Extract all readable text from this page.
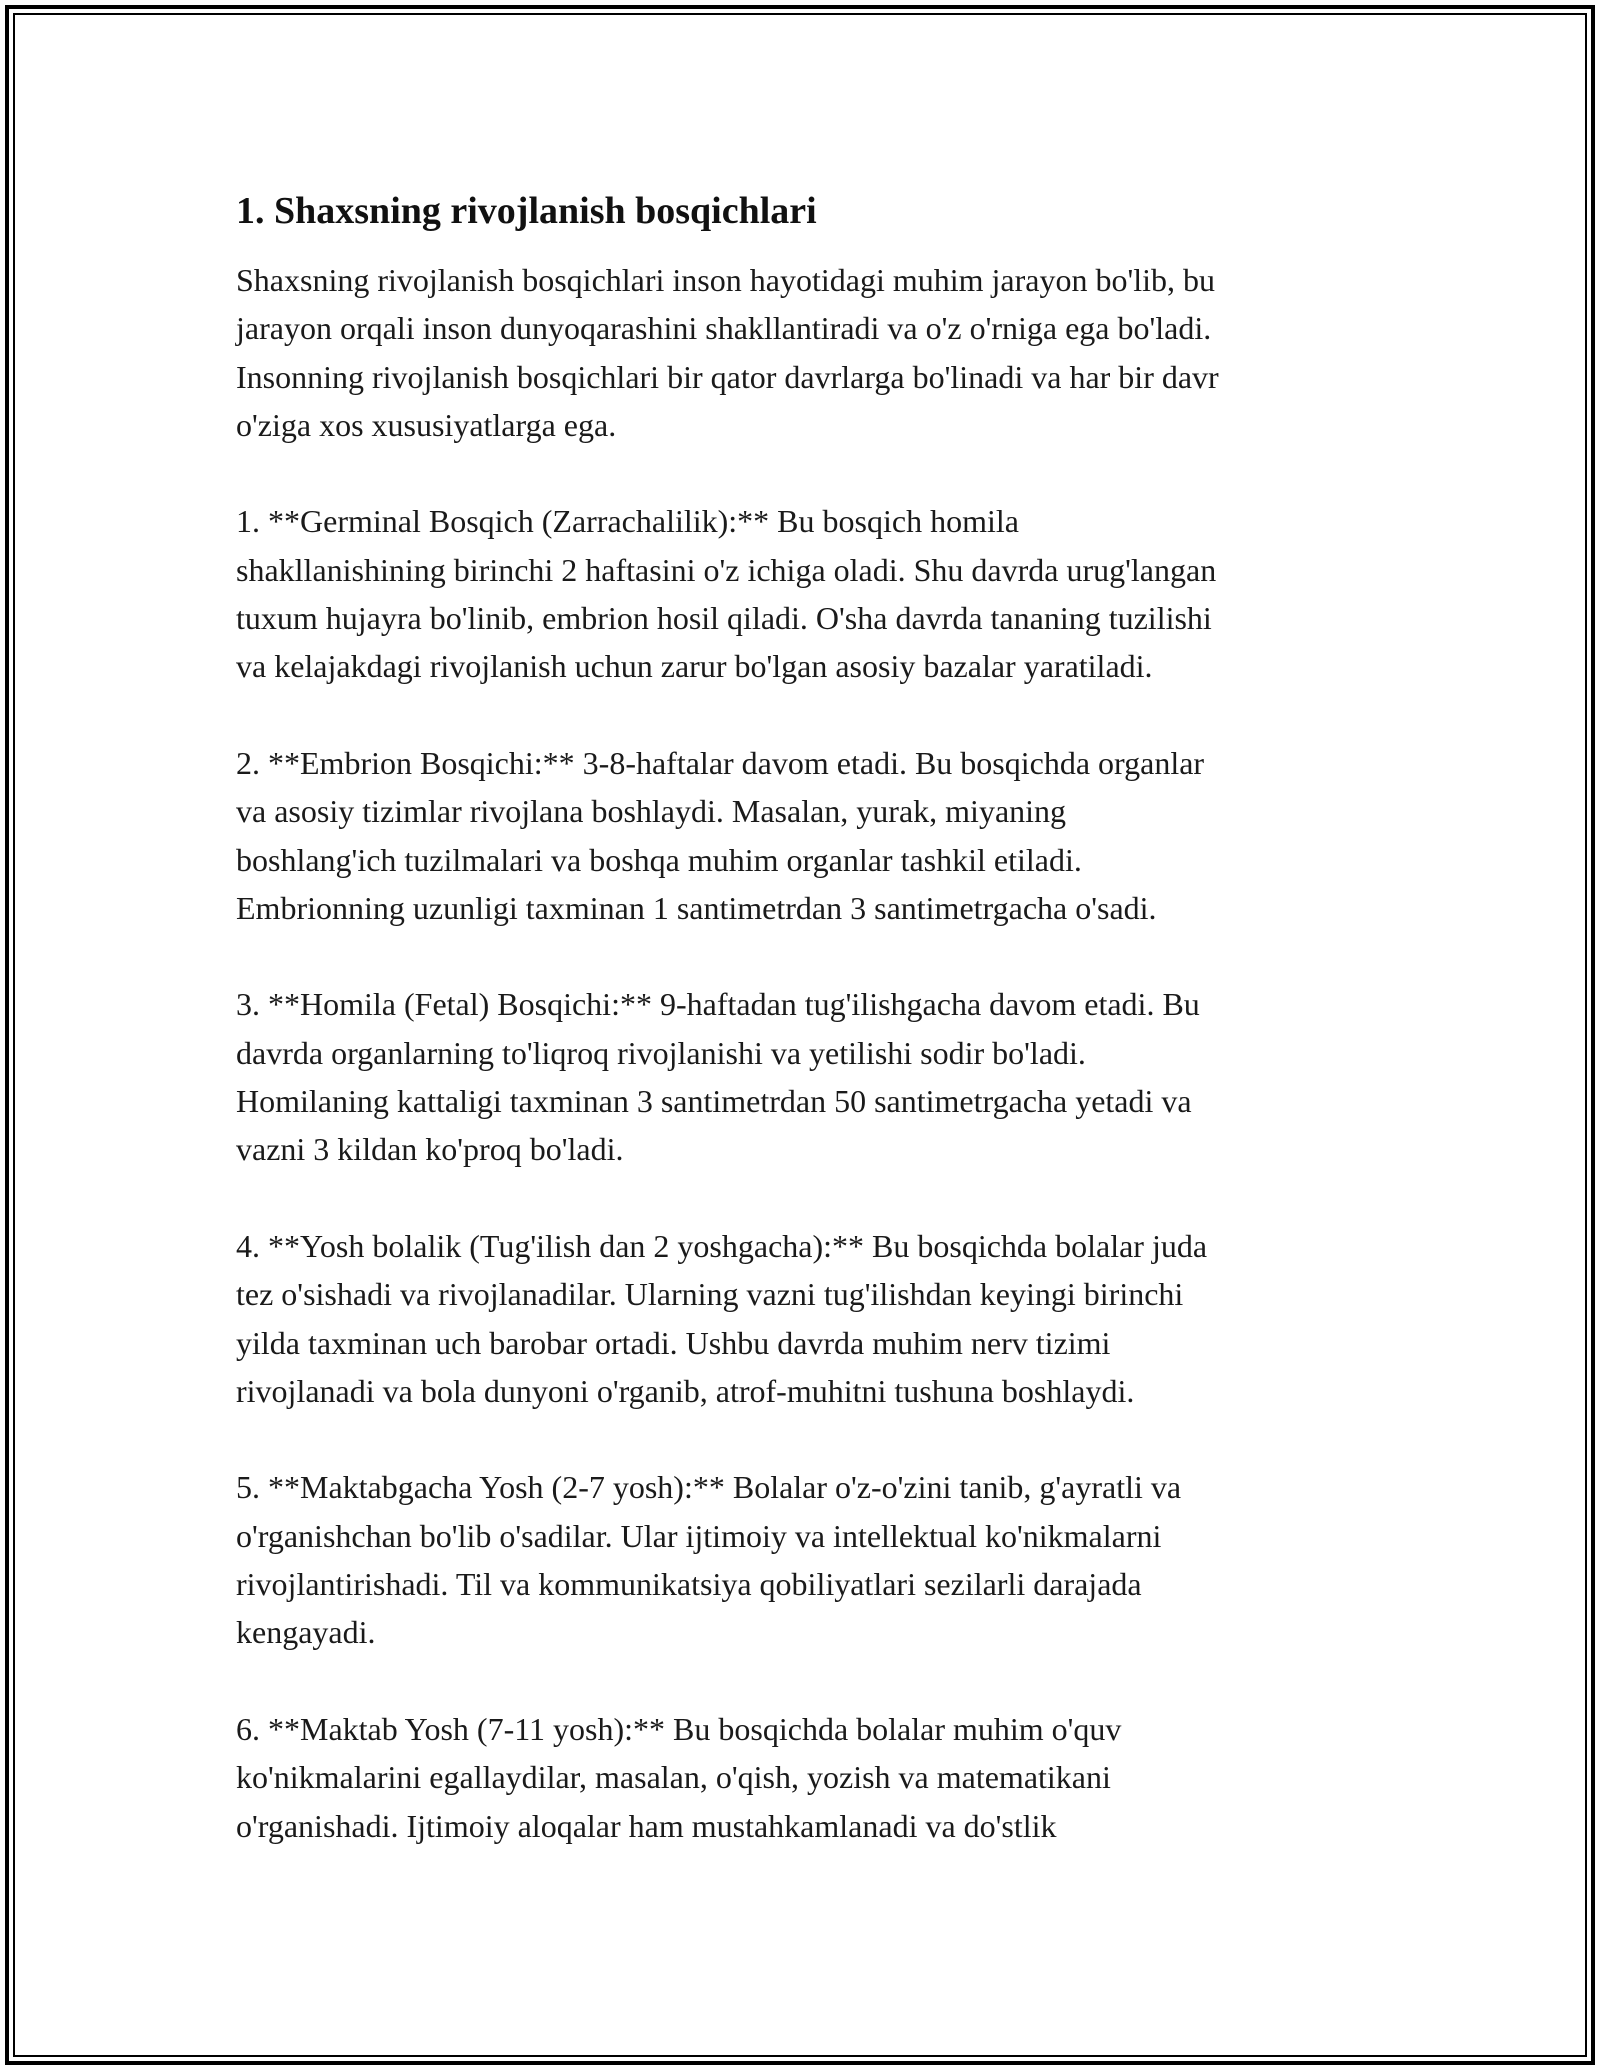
1. Shaxsning rivojlanish bosqichlari

Shaxsning rivojlanish bosqichlari inson hayotidagi muhim jarayon bo'lib, bu
jarayon orqali inson dunyoqarashini shakllantiradi va o'z o'rniga ega bo'ladi.
Insonning rivojlanish bosqichlari bir qator davrlarga bo'linadi va har bir davr
o'ziga xos xususiyatlarga ega.

1. **Germinal Bosqich (Zarrachalilik):** Bu bosqich homila
shakllanishining birinchi 2 haftasini o'z ichiga oladi. Shu davrda urug'langan
tuxum hujayra bo'linib, embrion hosil qiladi. O'sha davrda tananing tuzilishi
va kelajakdagi rivojlanish uchun zarur bo'lgan asosiy bazalar yaratiladi.

2. **Embrion Bosqichi:** 3-8-haftalar davom etadi. Bu bosqichda organlar
va asosiy tizimlar rivojlana boshlaydi. Masalan, yurak, miyaning
boshlang'ich tuzilmalari va boshqa muhim organlar tashkil etiladi.
Embrionning uzunligi taxminan 1 santimetrdan 3 santimetrgacha o'sadi.

3. **Homila (Fetal) Bosqichi:** 9-haftadan tug'ilishgacha davom etadi. Bu
davrda organlarning to'liqroq rivojlanishi va yetilishi sodir bo'ladi.
Homilaning kattaligi taxminan 3 santimetrdan 50 santimetrgacha yetadi va
vazni 3 kildan ko'proq bo'ladi.

4. **Yosh bolalik (Tug'ilish dan 2 yoshgacha):** Bu bosqichda bolalar juda
tez o'sishadi va rivojlanadilar. Ularning vazni tug'ilishdan keyingi birinchi
yilda taxminan uch barobar ortadi. Ushbu davrda muhim nerv tizimi
rivojlanadi va bola dunyoni o'rganib, atrof-muhitni tushuna boshlaydi.

5. **Maktabgacha Yosh (2-7 yosh):** Bolalar o'z-o'zini tanib, g'ayratli va
o'rganishchan bo'lib o'sadilar. Ular ijtimoiy va intellektual ko'nikmalarni
rivojlantirishadi. Til va kommunikatsiya qobiliyatlari sezilarli darajada
kengayadi.

6. **Maktab Yosh (7-11 yosh):** Bu bosqichda bolalar muhim o'quv
ko'nikmalarini egallaydilar, masalan, o'qish, yozish va matematikani
o'rganishadi. Ijtimoiy aloqalar ham mustahkamlanadi va do'stlik
